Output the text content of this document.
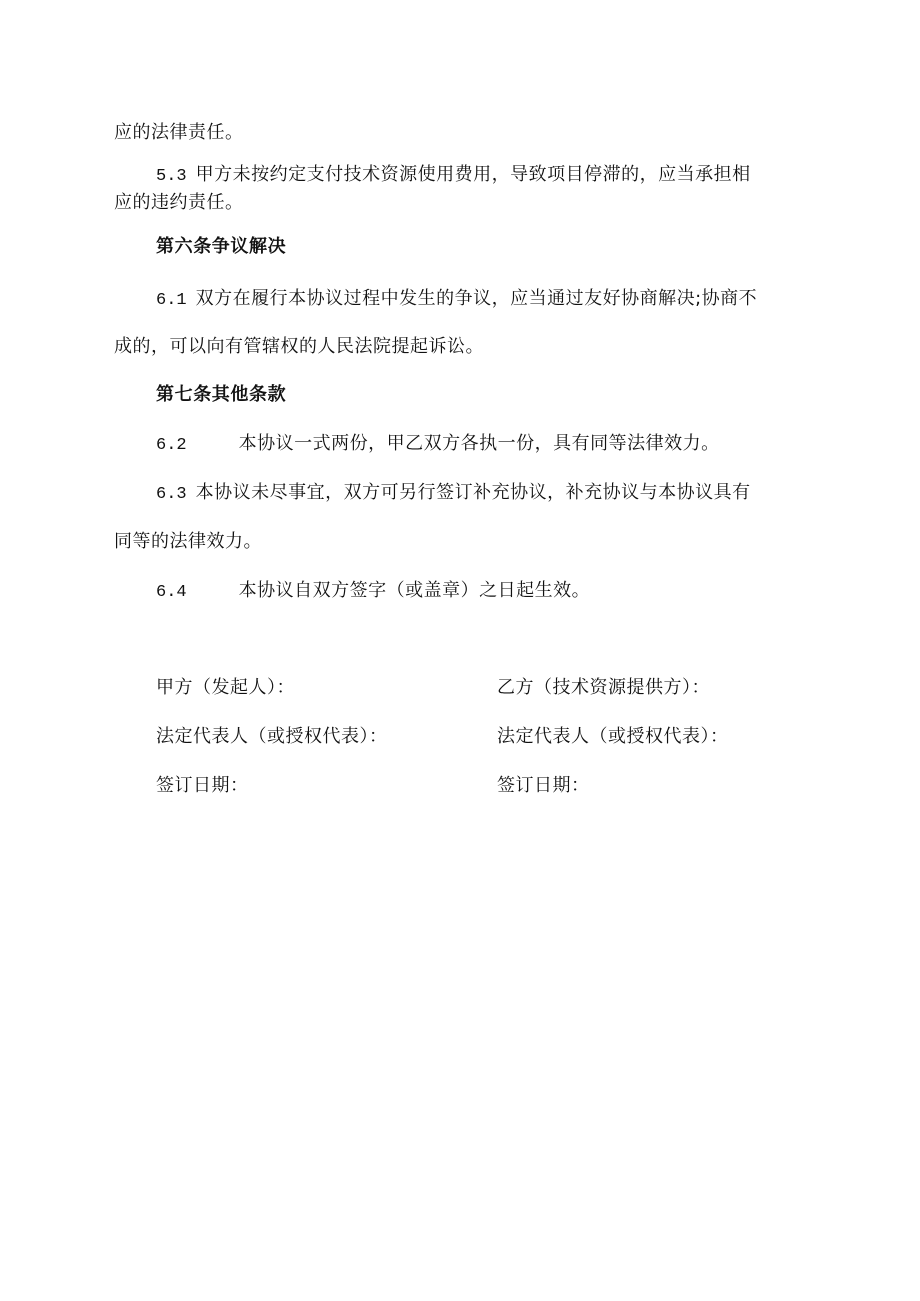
应的法律责任。
5.3 甲方未按约定支付技术资源使用费用，导致项目停滞的，应当承担相
应的违约责任。
第六条争议解决
6.1 双方在履行本协议过程中发生的争议，应当通过友好协商解决;协商不
成的，可以向有管辖权的人民法院提起诉讼。
第七条其他条款
6.2	本协议一式两份，甲乙双方各执一份，具有同等法律效力。
6.3 本协议未尽事宜，双方可另行签订补充协议，补充协议与本协议具有
同等的法律效力。
6.4	本协议自双方签字（或盖章）之日起生效。
甲方（发起人）：
法定代表人（或授权代表）：
签订日期：
乙方（技术资源提供方）：
法定代表人（或授权代表）：
签订日期：
